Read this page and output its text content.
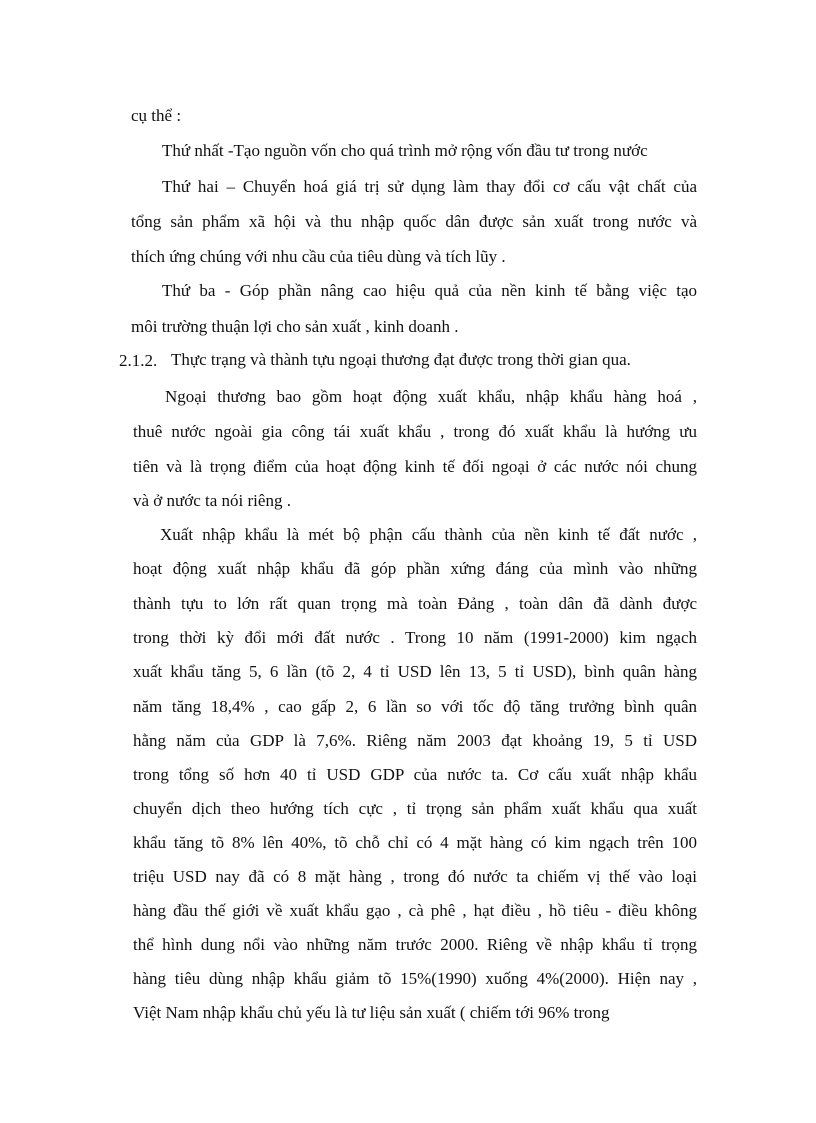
cụ thể :
Thứ nhất -Tạo nguồn vốn cho quá trình mở rộng vốn đầu tư trong nước
Thứ hai – Chuyển hoá giá trị sử dụng làm thay đổi cơ cấu vật chất của
tổng sản phẩm xã hội và thu nhập quốc dân được sản xuất trong nước và
thích ứng chúng với nhu cầu của tiêu dùng và tích lũy .
Thứ ba - Góp phần nâng cao hiệu quả của nền kinh tế bằng việc tạo
môi trường thuận lợi cho sản xuất , kinh doanh .
2.1.2. Thực trạng và thành tựu ngoại thương đạt được trong thời gian qua.
Ngoại thương bao gồm hoạt động xuất khẩu, nhập khẩu hàng hoá ,
thuê nước ngoài gia công tái xuất khẩu , trong đó xuất khẩu là hướng ưu
tiên và là trọng điểm của hoạt động kinh tế đối ngoại ở các nước nói chung
và ở nước ta nói riêng .
Xuất nhập khẩu là mét bộ phận cấu thành của nền kinh tế đất nước ,
hoạt động xuất nhập khẩu đã góp phần xứng đáng của mình vào những
thành tựu to lớn rất quan trọng mà toàn Đảng , toàn dân đã dành được
trong thời kỳ đổi mới đất nước . Trong 10 năm (1991-2000) kim ngạch
xuất khẩu tăng 5, 6 lần (tõ 2, 4 tỉ USD lên 13, 5 tỉ USD), bình quân hàng
năm tăng 18,4% , cao gấp 2, 6 lần so với tốc độ tăng trưởng bình quân
hằng năm của GDP là 7,6%. Riêng năm 2003 đạt khoảng 19, 5 tỉ USD
trong tổng số hơn 40 tỉ USD GDP của nước ta. Cơ cấu xuất nhập khẩu
chuyển dịch theo hướng tích cực , tỉ trọng sản phẩm xuất khẩu qua xuất
khẩu tăng tõ 8% lên 40%, tõ chỗ chỉ có 4 mặt hàng có kim ngạch trên 100
triệu USD nay đã có 8 mặt hàng , trong đó nước ta chiếm vị thế vào loại
hàng đầu thế giới về xuất khẩu gạo , cà phê , hạt điều , hồ tiêu - điều không
thể hình dung nổi vào những năm trước 2000. Riêng về nhập khẩu tỉ trọng
hàng tiêu dùng nhập khẩu giảm tõ 15%(1990) xuống 4%(2000). Hiện nay ,
Việt Nam nhập khẩu chủ yếu là tư liệu sản xuất ( chiếm tới 96% trong
